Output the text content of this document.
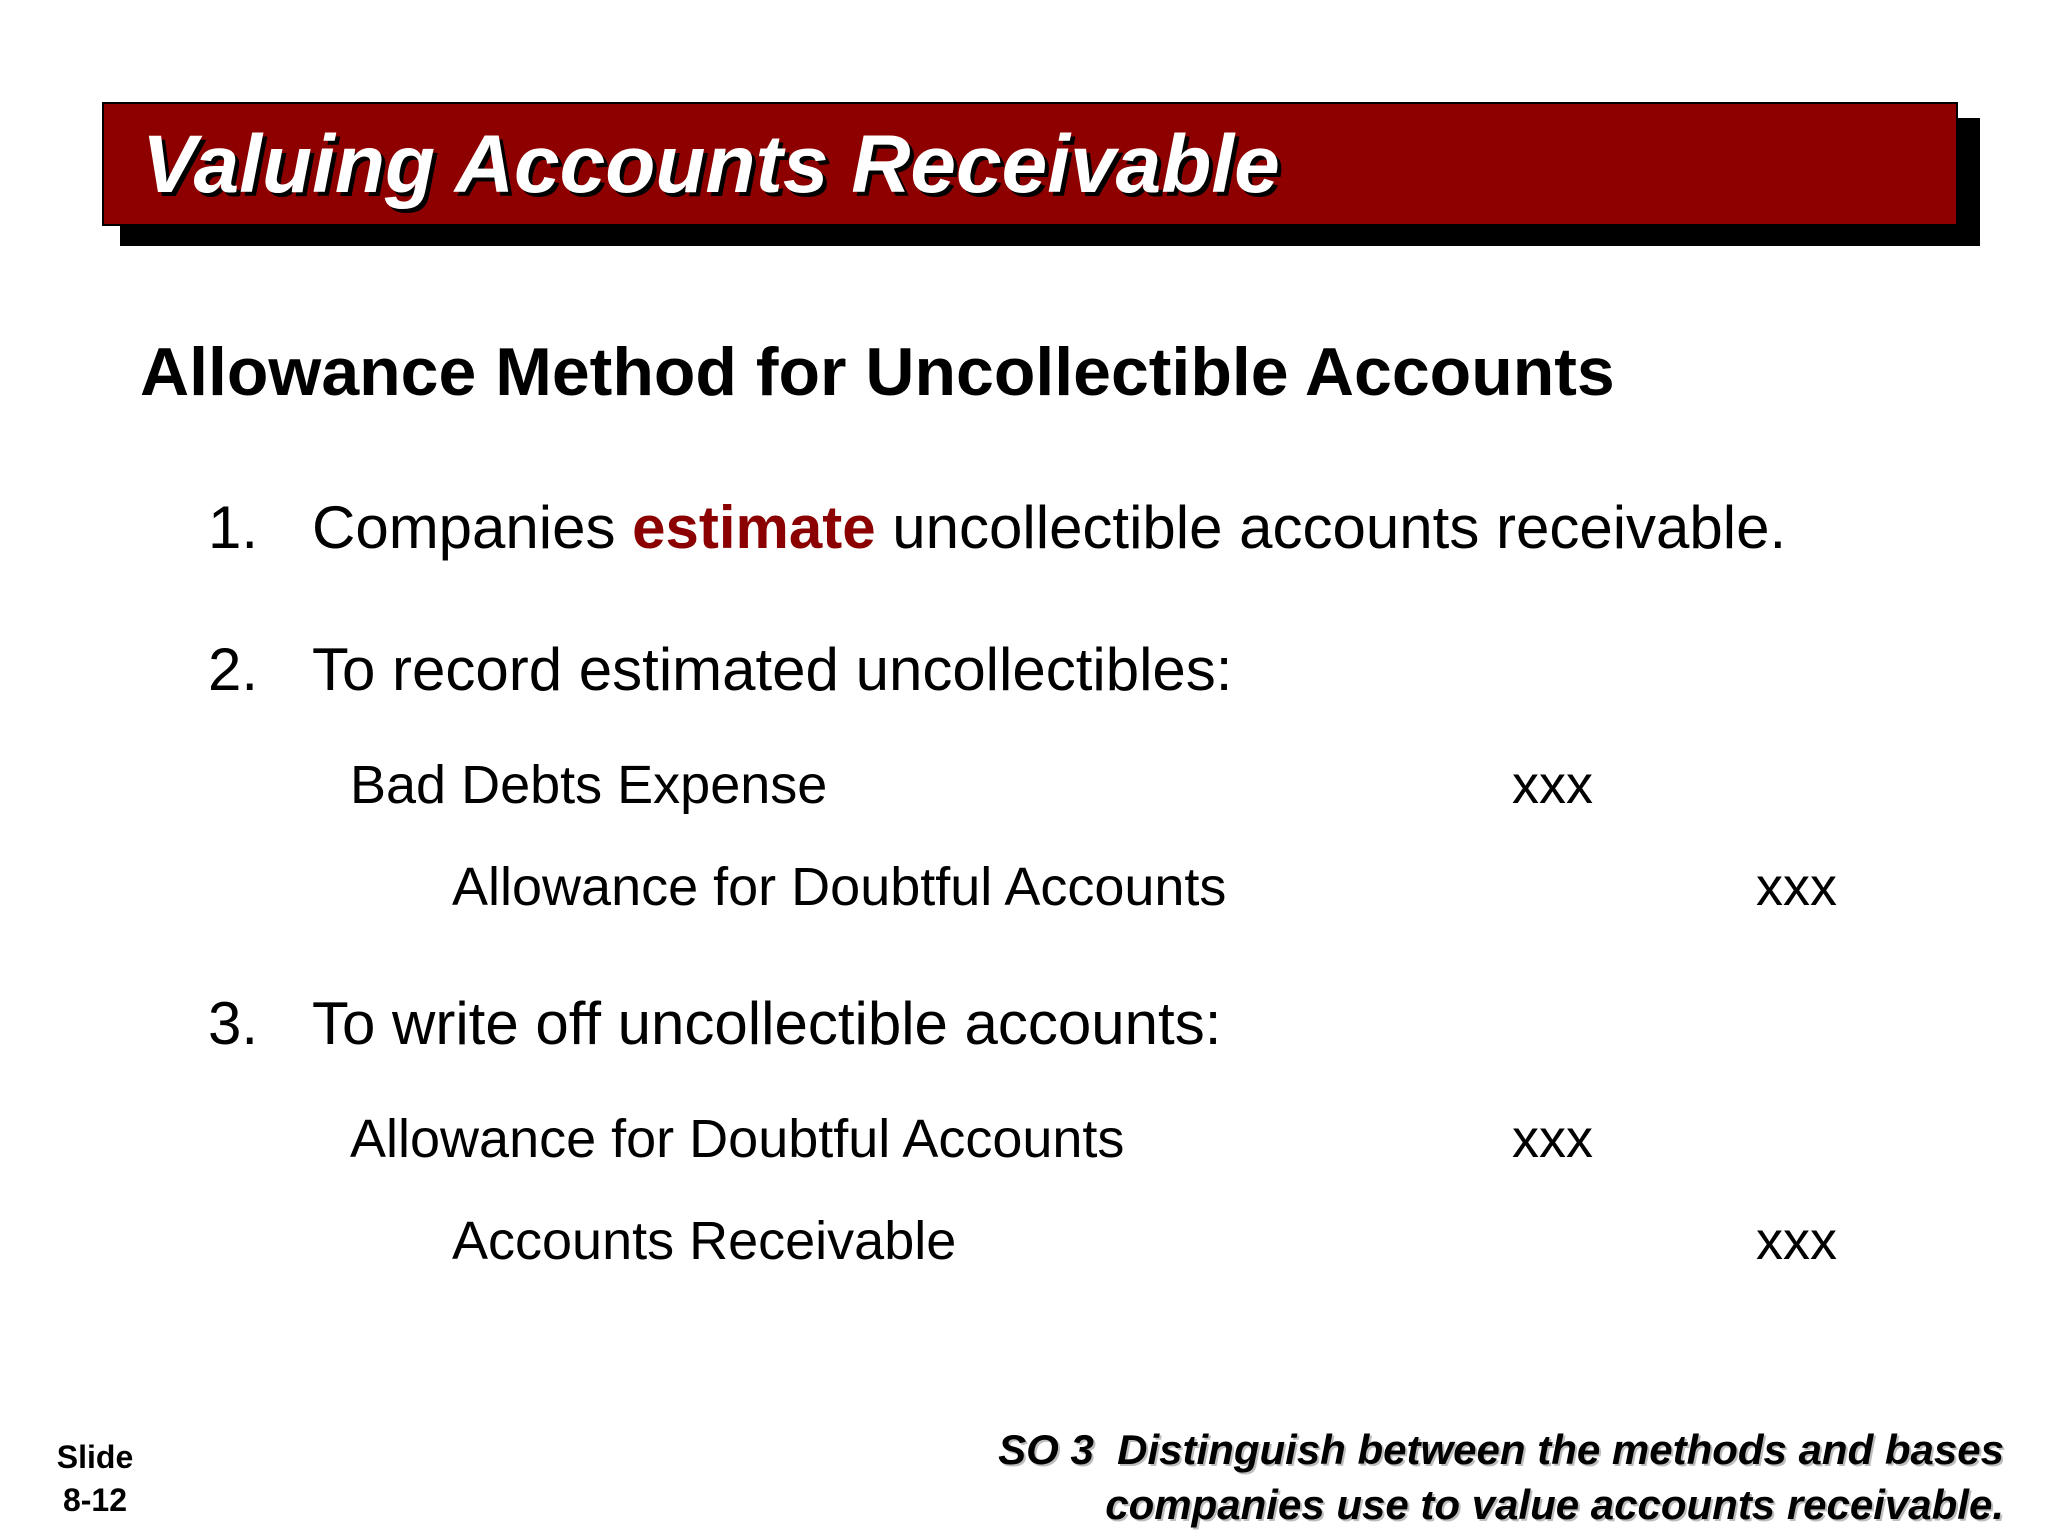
Valuing Accounts Receivable
Allowance Method for Uncollectible Accounts
1. Companies estimate uncollectible accounts receivable.
2. To record estimated uncollectibles:
Bad Debts Expense	xxx
Allowance for Doubtful Accounts	xxx
3. To write off uncollectible accounts:
Allowance for Doubtful Accounts	xxx
Accounts Receivable	xxx
Slide
8-12
SO 3  Distinguish between the methods and bases
companies use to value accounts receivable.
